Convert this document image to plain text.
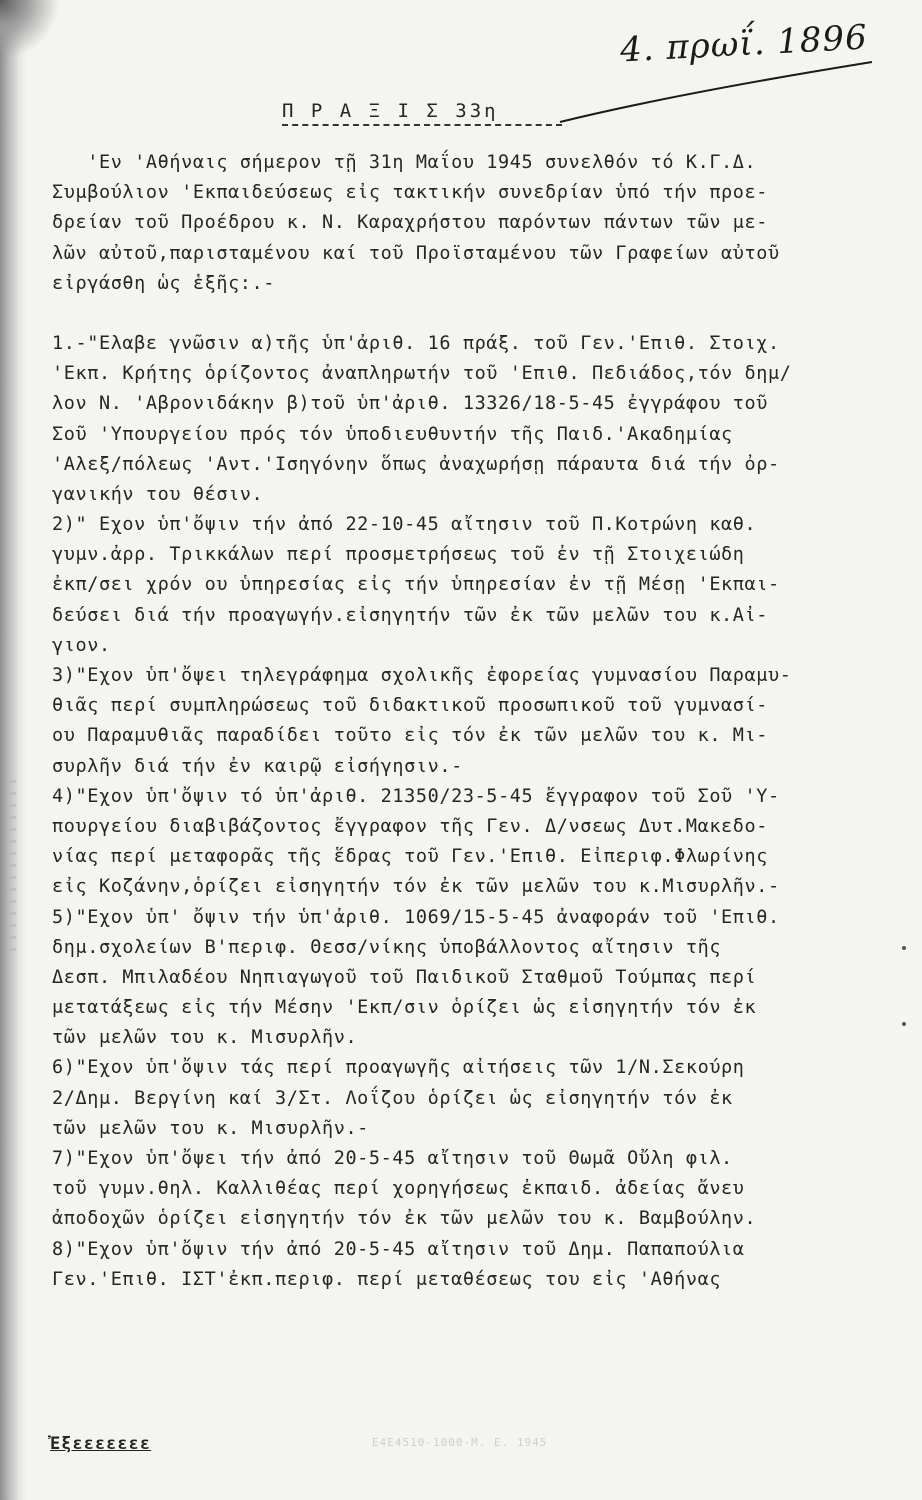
4. πρωΐ. 1896
Π Ρ Α Ξ Ι Σ 33η
'Εν 'Αθήναις σήμερον τῇ 31η Μαΐου 1945 συνελθόν τό Κ.Γ.Δ.
Συμβούλιον 'Εκπαιδεύσεως εἰς τακτικήν συνεδρίαν ὑπό τήν προε-
δρείαν τοῦ Προέδρου κ. Ν. Καραχρήστου παρόντων πάντων τῶν με-
λῶν αὐτοῦ,παρισταμένου καί τοῦ Προϊσταμένου τῶν Γραφείων αὐτοῦ
εἰργάσθη ὡς ἑξῆς:.-
1.-"Ελαβε γνῶσιν α)τῆς ὑπ'ἀριθ. 16 πράξ. τοῦ Γεν.'Επιθ. Στοιχ.
'Εκπ. Κρήτης ὁρίζοντος ἀναπληρωτήν τοῦ 'Επιθ. Πεδιάδος,τόν δημ/
λον Ν. 'Αβρονιδάκην β)τοῦ ὑπ'ἀριθ. 13326/18-5-45 ἐγγράφου τοῦ
Σοῦ 'Υπουργείου πρός τόν ὑποδιευθυντήν τῆς Παιδ.'Ακαδημίας
'Αλεξ/πόλεως 'Αντ.'Ισηγόνην ὅπως ἀναχωρήσῃ πάραυτα διά τήν ὀρ-
γανικήν του θέσιν.
2)" Εχον ὑπ'ὄψιν τήν ἀπό 22-10-45 αἴτησιν τοῦ Π.Κοτρώνη καθ.
γυμν.ἀρρ. Τρικκάλων περί προσμετρήσεως τοῦ ἐν τῇ Στοιχειώδη
ἐκπ/σει χρόν ου ὑπηρεσίας εἰς τήν ὑπηρεσίαν ἐν τῇ Μέσῃ 'Εκπαι-
δεύσει διά τήν προαγωγήν.εἰσηγητήν τῶν ἐκ τῶν μελῶν του κ.Αἰ-
γιον.
3)"Εχον ὑπ'ὄψει τηλεγράφημα σχολικῆς ἐφορείας γυμνασίου Παραμυ-
θιᾶς περί συμπληρώσεως τοῦ διδακτικοῦ προσωπικοῦ τοῦ γυμνασί-
ου Παραμυθιᾶς παραδίδει τοῦτο εἰς τόν ἐκ τῶν μελῶν του κ. Μι-
συρλῆν διά τήν ἐν καιρῷ εἰσήγησιν.-
4)"Εχον ὑπ'ὄψιν τό ὑπ'ἀριθ. 21350/23-5-45 ἔγγραφον τοῦ Σοῦ 'Υ-
πουργείου διαβιβάζοντος ἔγγραφον τῆς Γεν. Δ/νσεως Δυτ.Μακεδο-
νίας περί μεταφορᾶς τῆς ἕδρας τοῦ Γεν.'Επιθ. Εἰπεριφ.Φλωρίνης
εἰς Κοζάνην,ὁρίζει εἰσηγητήν τόν ἐκ τῶν μελῶν του κ.Μισυρλῆν.-
5)"Εχον ὑπ' ὄψιν τήν ὑπ'ἀριθ. 1069/15-5-45 ἀναφοράν τοῦ 'Επιθ.
δημ.σχολείων Β'περιφ. Θεσσ/νίκης ὑποβάλλοντος αἴτησιν τῆς
Δεσπ. Μπιλαδέου Νηπιαγωγοῦ τοῦ Παιδικοῦ Σταθμοῦ Τούμπας περί
μετατάξεως εἰς τήν Μέσην 'Εκπ/σιν ὁρίζει ὡς εἰσηγητήν τόν ἐκ
τῶν μελῶν του κ. Μισυρλῆν.
6)"Εχον ὑπ'ὄψιν τάς περί προαγωγῆς αἰτήσεις τῶν 1/Ν.Σεκούρη
2/Δημ. Βεργίνη καί 3/Στ. Λοΐζου ὁρίζει ὡς εἰσηγητήν τόν ἐκ
τῶν μελῶν του κ. Μισυρλῆν.-
7)"Εχον ὑπ'ὄψει τήν ἀπό 20-5-45 αἴτησιν τοῦ Θωμᾶ Οὔλη φιλ.
τοῦ γυμν.θηλ. Καλλιθέας περί χορηγήσεως ἐκπαιδ. ἀδείας ἄνευ
ἀποδοχῶν ὁρίζει εἰσηγητήν τόν ἐκ τῶν μελῶν του κ. Βαμβούλην.
8)"Εχον ὑπ'ὄψιν τήν ἀπό 20-5-45 αἴτησιν τοῦ Δημ. Παπαπούλια
Γεν.'Επιθ. ΙΣΤ'ἐκπ.περιφ. περί μεταθέσεως του εἰς 'Αθήνας
Ἐξεεεεεεε	Ε4Ε4510-1000-Μ. Ε. 1945
